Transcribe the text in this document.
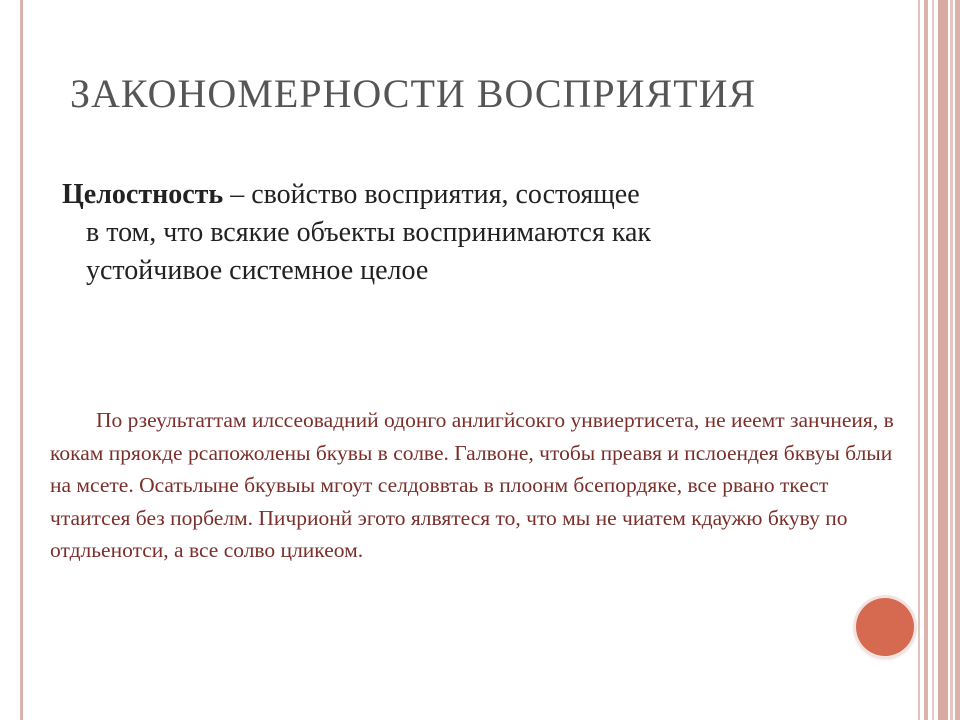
ЗАКОНОМЕРНОСТИ ВОСПРИЯТИЯ
Целостность – свойство восприятия, состоящее
в том, что всякие объекты воспринимаются как
устойчивое системное целое
По рзеультаттам илссеовадний одонго анлигйсокго унвиертисета, не иеемт занчнеия, в кокам пряокде рсапожолены бкувы в солве. Галвоне, чтобы преавя и пслоендея бквуы блыи на мсете. Осатьлыне бкувыы мгоут селдоввтаь в плоонм бсепордяке, все рвано ткест чтаитсея без порбелм. Пичрионй эгото ялвятеся то, что мы не чиатем кдаужю бкуву по отдльенотси, а все солво цликеом.
